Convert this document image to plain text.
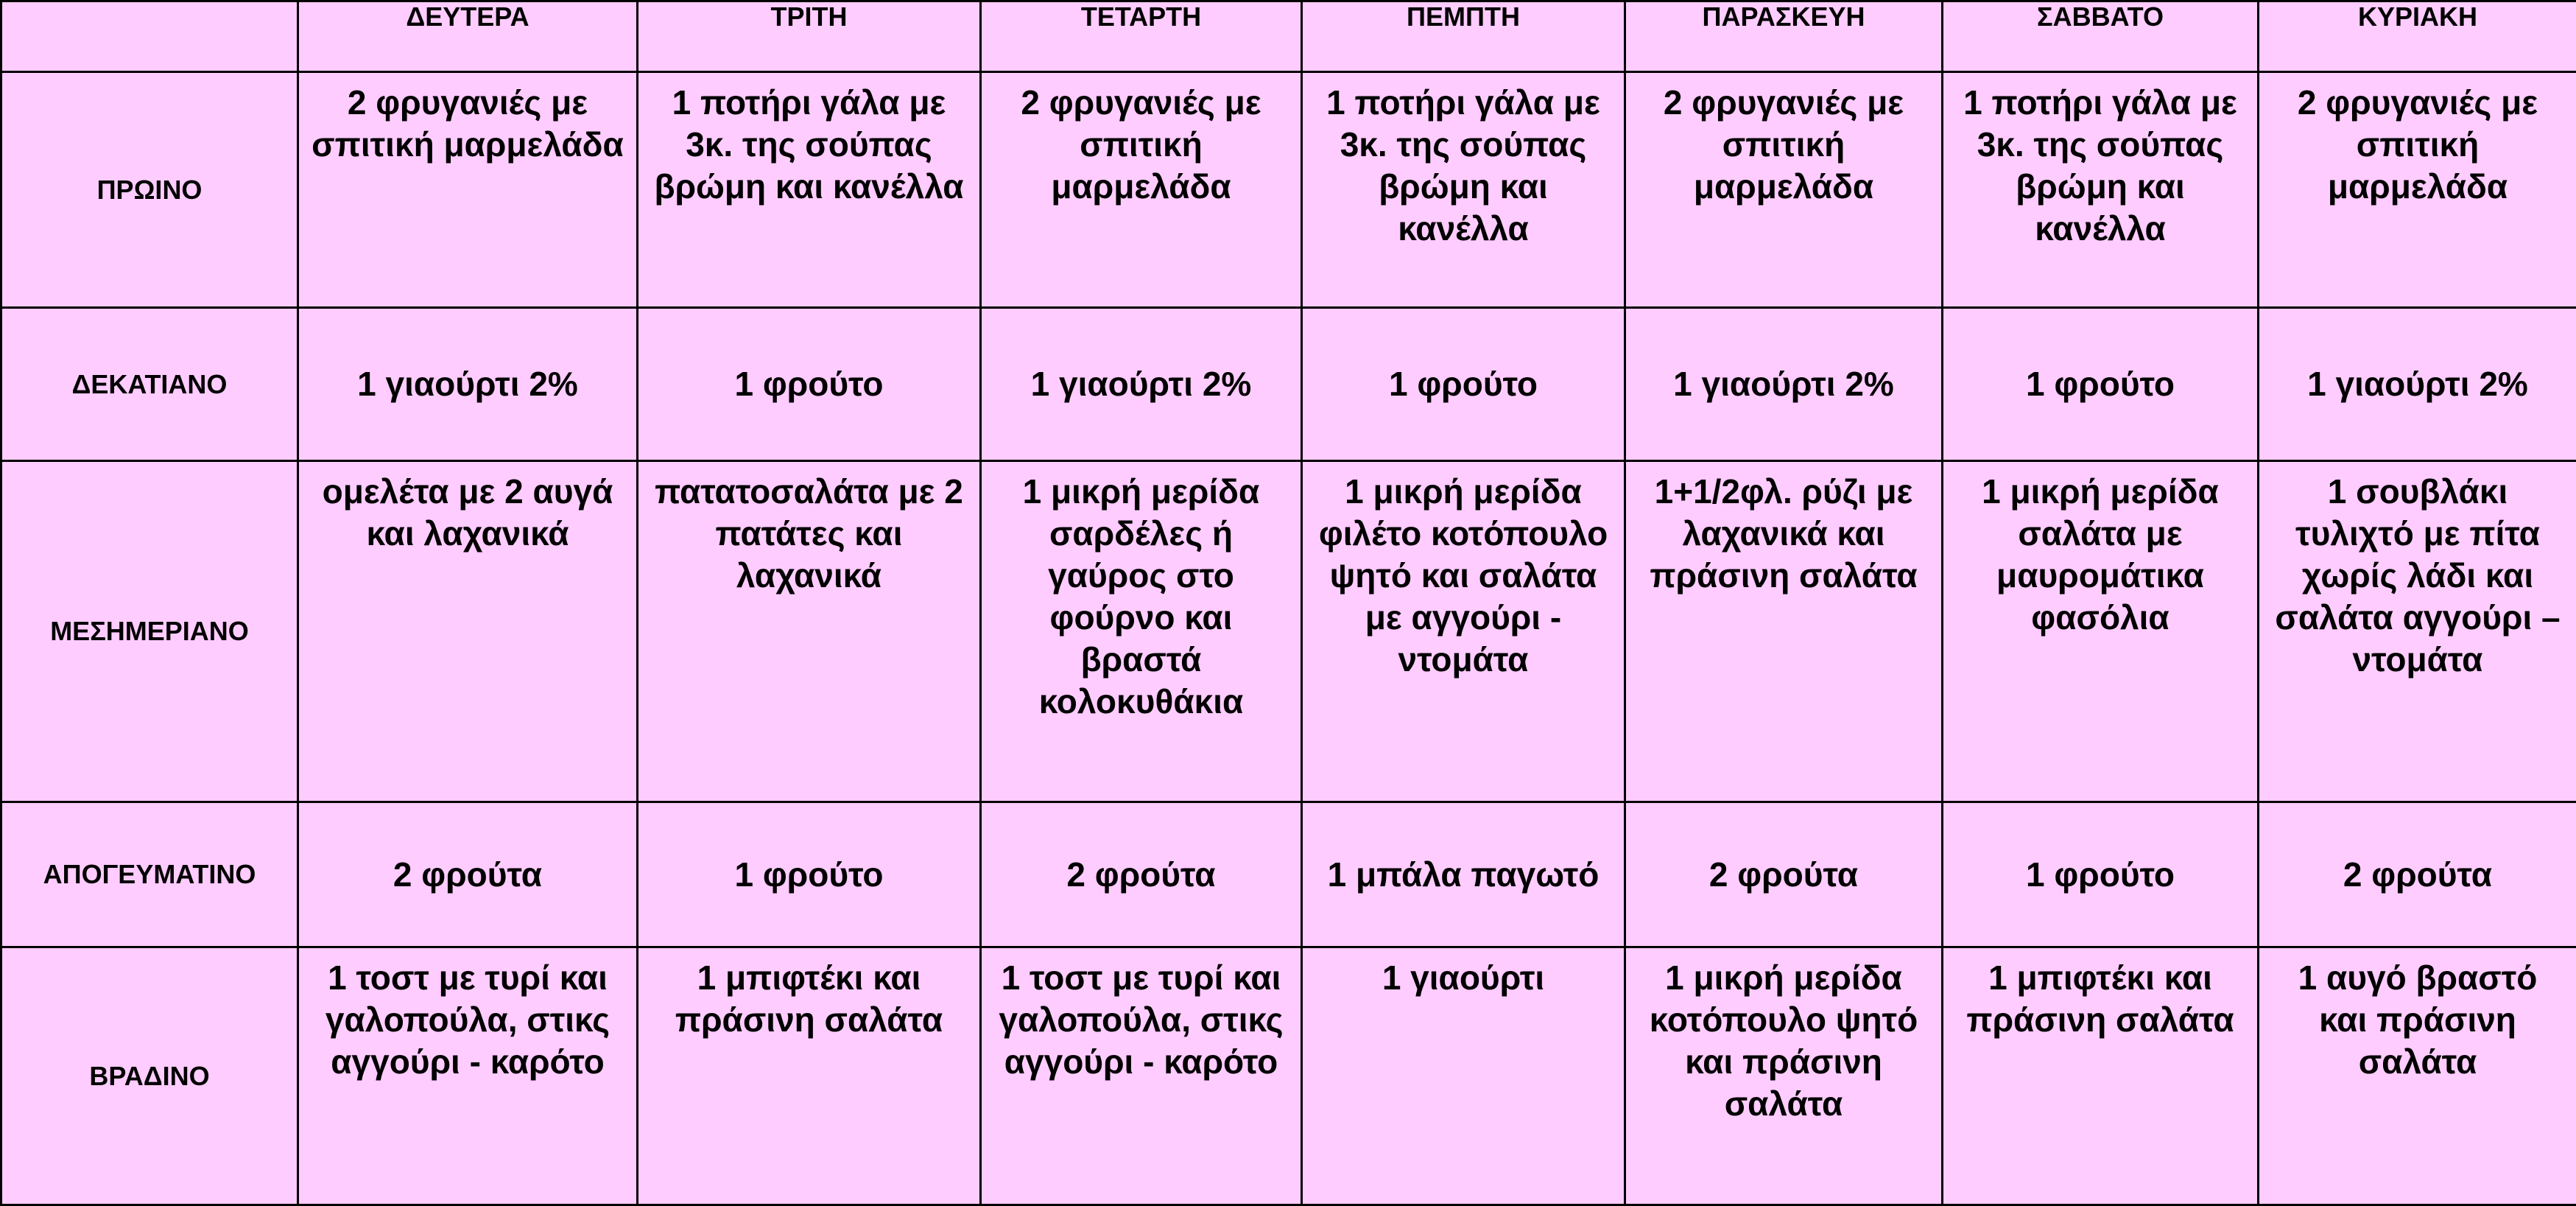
	ΔΕΥΤΕΡΑ	ΤΡΙΤΗ	ΤΕΤΑΡΤΗ	ΠΕΜΠΤΗ	ΠΑΡΑΣΚΕΥΗ	ΣΑΒΒΑΤΟ	ΚΥΡΙΑΚΗ
ΠΡΩΙΝΟ	2 φρυγανιές με σπιτική μαρμελάδα	1 ποτήρι γάλα με 3κ. της σούπας βρώμη και κανέλλα	2 φρυγανιές με σπιτική μαρμελάδα	1 ποτήρι γάλα με 3κ. της σούπας βρώμη και κανέλλα	2 φρυγανιές με σπιτική μαρμελάδα	1 ποτήρι γάλα με 3κ. της σούπας βρώμη και κανέλλα	2 φρυγανιές με σπιτική μαρμελάδα
ΔΕΚΑΤΙΑΝΟ	1 γιαούρτι 2%	1 φρούτο	1 γιαούρτι 2%	1 φρούτο	1 γιαούρτι 2%	1 φρούτο	1 γιαούρτι 2%
ΜΕΣΗΜΕΡΙΑΝΟ	ομελέτα με 2 αυγά και λαχανικά	πατατοσαλάτα με 2 πατάτες και λαχανικά	1 μικρή μερίδα σαρδέλες ή γαύρος στο φούρνο και βραστά κολοκυθάκια	1 μικρή μερίδα φιλέτο κοτόπουλο ψητό και σαλάτα με αγγούρι - ντομάτα	1+1/2φλ. ρύζι με λαχανικά και πράσινη σαλάτα	1 μικρή μερίδα σαλάτα με μαυρομάτικα φασόλια	1 σουβλάκι τυλιχτό με πίτα χωρίς λάδι και σαλάτα αγγούρι – ντομάτα
ΑΠΟΓΕΥΜΑΤΙΝΟ	2 φρούτα	1 φρούτο	2 φρούτα	1 μπάλα παγωτό	2 φρούτα	1 φρούτο	2 φρούτα
ΒΡΑΔΙΝΟ	1 τοστ με τυρί και γαλοπούλα, στικς αγγούρι - καρότο	1 μπιφτέκι και πράσινη σαλάτα	1 τοστ με τυρί και γαλοπούλα, στικς αγγούρι - καρότο	1 γιαούρτι	1 μικρή μερίδα κοτόπουλο ψητό και πράσινη σαλάτα	1 μπιφτέκι και πράσινη σαλάτα	1 αυγό βραστό και πράσινη σαλάτα
